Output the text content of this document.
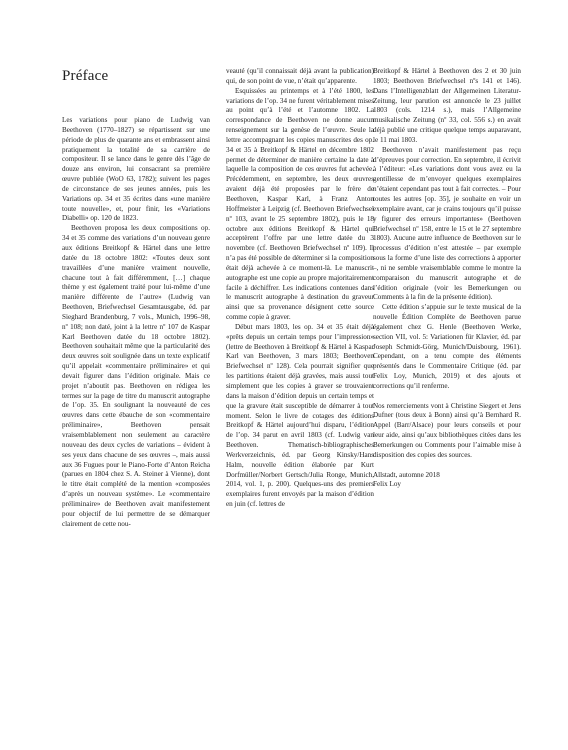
Préface

Les variations pour piano de Ludwig van Beethoven (1770–1827) se répartissent sur une période de plus de quarante ans et embrassent ainsi pratiquement la totalité de sa carrière de compositeur. Il se lance dans le genre dès l’âge de douze ans environ, lui consacrant sa première œuvre publiée (WoO 63, 1782); suivent les pages de circonstance de ses jeunes années, puis les Variations op. 34 et 35 écrites dans «une manière toute nouvelle», et, pour finir, les «Variations Diabelli» op. 120 de 1823.

Beethoven proposa les deux compositions op. 34 et 35 comme des variations d’un nouveau genre aux éditions Breitkopf & Härtel dans une lettre datée du 18 octobre 1802: «Toutes deux sont travaillées d’une manière vraiment nouvelle, chacune tout à fait différemment, […] chaque thème y est également traité pour lui-même d’une manière différente de l’autre» (Ludwig van Beethoven, Briefwechsel Gesamtausgabe, éd. par Sieghard Brandenburg, 7 vols., Munich, 1996–98, nº 108; non daté, joint à la lettre nº 107 de Kaspar Karl Beethoven datée du 18 octobre 1802). Beethoven souhaitait même que la particularité des deux œuvres soit soulignée dans un texte explicatif qu’il appelait «commentaire préliminaire» et qui devait figurer dans l’édition originale. Mais ce projet n’aboutit pas. Beethoven en rédigea les termes sur la page de titre du manuscrit autographe de l’op. 35. En soulignant la nouveauté de ces œuvres dans cette ébauche de son «commentaire préliminaire», Beethoven pensait vraisemblablement non seulement au caractère nouveau des deux cycles de variations – évident à ses yeux dans chacune de ses œuvres –, mais aussi aux 36 Fugues pour le Piano-Forte d’Anton Reicha (parues en 1804 chez S. A. Steiner à Vienne), dont le titre était complété de la mention «composées d’après un nouveau système». Le «commentaire préliminaire» de Beethoven avait manifestement pour objectif de lui permettre de se démarquer clairement de cette nou-

veauté (qu’il connaissait déjà avant la publication) qui, de son point de vue, n’était qu’apparente.

Esquissées au printemps et à l’été 1800, les variations de l’op. 34 ne furent véritablement mises au point qu’à l’été et l’automne 1802. La correspondance de Beethoven ne donne aucun renseignement sur la genèse de l’œuvre. Seule la lettre accompagnant les copies manuscrites des op. 34 et 35 à Breitkopf & Härtel en décembre 1802 permet de déterminer de manière certaine la date à laquelle la composition de ces œuvres fut achevée. Précédemment, en septembre, les deux œuvres avaient déjà été proposées par le frère de Beethoven, Kaspar Karl, à Franz Anton Hoffmeister à Leipzig (cf. Beethoven Briefwechsel nº 103, avant le 25 septembre 1802), puis le 18 octobre aux éditions Breitkopf & Härtel qui acceptèrent l’offre par une lettre datée du 3 novembre (cf. Beethoven Briefwechsel nº 109). Il n’a pas été possible de déterminer si la composition était déjà achevée à ce moment-là. Le manuscrit autographe est une copie au propre majoritairement facile à déchiffrer. Les indications contenues dans le manuscrit autographe à destination du graveur ainsi que sa provenance désignent cette source comme copie à graver.

Début mars 1803, les op. 34 et 35 était déjà «prêts depuis un certain temps pour l’impression» (lettre de Beethoven à Breitkopf & Härtel à Kaspar Karl van Beethoven, 3 mars 1803; Beethoven Briefwechsel nº 128). Cela pourrait signifier que les partitions étaient déjà gravées, mais aussi tout simplement que les copies à graver se trouvaient dans la maison d’édition depuis un certain temps et que la gravure était susceptible de démarrer à tout moment. Selon le livre de cotages des éditions Breitkopf & Härtel aujourd’hui disparu, l’édition de l’op. 34 parut en avril 1803 (cf. Ludwig van Beethoven. Thematisch-bibliographisches Werkverzeichnis, éd. par Georg Kinsky/Hans Halm, nouvelle édition élaborée par Kurt Dorfmüller/Norbert Gertsch/Julia Ronge, Munich, 2014, vol. 1, p. 200). Quelques-uns des premiers exemplaires furent envoyés par la maison d’édition en juin (cf. lettres de

Breitkopf & Härtel à Beethoven des 2 et 30 juin 1803; Beethoven Briefwechsel nºs 141 et 146). Dans l’Intelligenzblatt der Allgemeinen Literatur-Zeitung, leur parution est annoncée le 23 juillet 1803 (cols. 1214 s.), mais l’Allgemeine musikalische Zeitung (nº 33, col. 556 s.) en avait déjà publié une critique quelque temps auparavant, le 11 mai 1803.

Beethoven n’avait manifestement pas reçu d’épreuves pour correction. En septembre, il écrivit à l’éditeur: «Les variations dont vous avez eu la gentillesse de m’envoyer quelques exemplaires n’étaient cependant pas tout à fait correctes. – Pour toutes les autres [op. 35], je souhaite en voir un exemplaire avant, car je crains toujours qu’il puisse y figurer des erreurs importantes» (Beethoven Briefwechsel nº 158, entre le 15 et le 27 septembre 1803). Aucune autre influence de Beethoven sur le processus d’édition n’est attestée – par exemple sous la forme d’une liste des corrections à apporter –, ni ne semble vraisemblable comme le montre la comparaison du manuscrit autographe et de l’édition originale (voir les Bemerkungen ou Comments à la fin de la présente édition).

Cette édition s’appuie sur le texte musical de la nouvelle Édition Complète de Beethoven parue également chez G. Henle (Beethoven Werke, section VII, vol. 5: Variationen für Klavier, éd. par Joseph Schmidt-Görg, Munich/Duisbourg, 1961). Cependant, on a tenu compte des éléments présentés dans le Commentaire Critique (éd. par Felix Loy, Munich, 2019) et des ajouts et corrections qu’il renferme.

Nos remerciements vont à Christine Siegert et Jens Dufner (tous deux à Bonn) ainsi qu’à Bernhard R. Appel (Barr/Alsace) pour leurs conseils et pour leur aide, ainsi qu’aux bibliothèques citées dans les Bemerkungen ou Comments pour l’aimable mise à disposition des copies des sources.

Allstadt, automne 2018

Felix Loy
